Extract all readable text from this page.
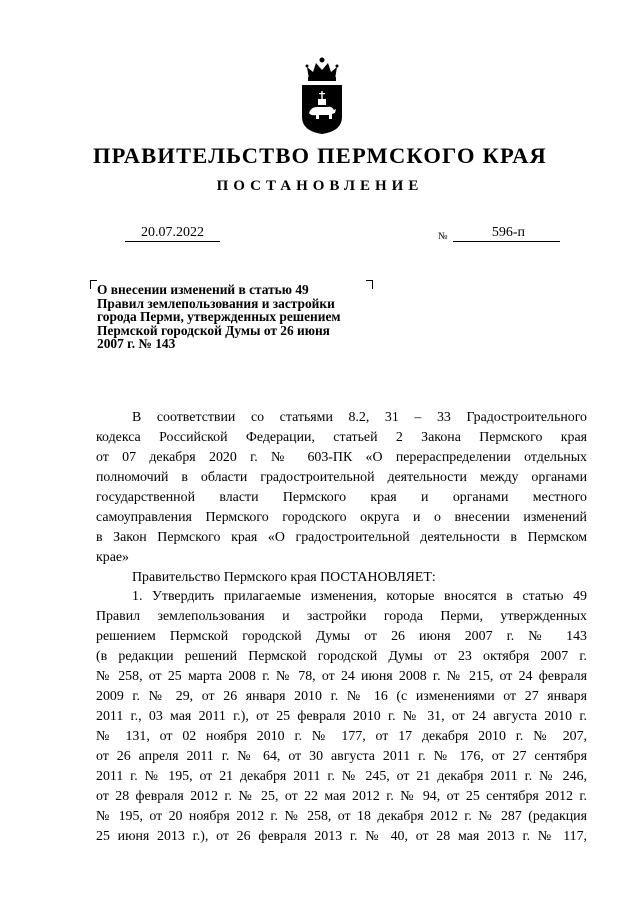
ПРАВИТЕЛЬСТВО ПЕРМСКОГО КРАЯ
ПОСТАНОВЛЕНИЕ
20.07.2022	№	596-п
О внесении изменений в статью 49
Правил землепользования и застройки
города Перми, утвержденных решением
Пермской городской Думы от 26 июня
2007 г. № 143
В соответствии со статьями 8.2, 31 – 33 Градостроительного
кодекса Российской Федерации, статьей 2 Закона Пермского края
от 07 декабря 2020 г. № 603-ПК «О перераспределении отдельных
полномочий в области градостроительной деятельности между органами
государственной власти Пермского края и органами местного
самоуправления Пермского городского округа и о внесении изменений
в Закон Пермского края «О градостроительной деятельности в Пермском
крае»
Правительство Пермского края ПОСТАНОВЛЯЕТ:
1. Утвердить прилагаемые изменения, которые вносятся в статью 49
Правил землепользования и застройки города Перми, утвержденных
решением Пермской городской Думы от 26 июня 2007 г. № 143
(в редакции решений Пермской городской Думы от 23 октября 2007 г.
№ 258, от 25 марта 2008 г. № 78, от 24 июня 2008 г. № 215, от 24 февраля
2009 г. № 29, от 26 января 2010 г. № 16 (с изменениями от 27 января
2011 г., 03 мая 2011 г.), от 25 февраля 2010 г. № 31, от 24 августа 2010 г.
№ 131, от 02 ноября 2010 г. № 177, от 17 декабря 2010 г. № 207,
от 26 апреля 2011 г. № 64, от 30 августа 2011 г. № 176, от 27 сентября
2011 г. № 195, от 21 декабря 2011 г. № 245, от 21 декабря 2011 г. № 246,
от 28 февраля 2012 г. № 25, от 22 мая 2012 г. № 94, от 25 сентября 2012 г.
№ 195, от 20 ноября 2012 г. № 258, от 18 декабря 2012 г. № 287 (редакция
25 июня 2013 г.), от 26 февраля 2013 г. № 40, от 28 мая 2013 г. № 117,
